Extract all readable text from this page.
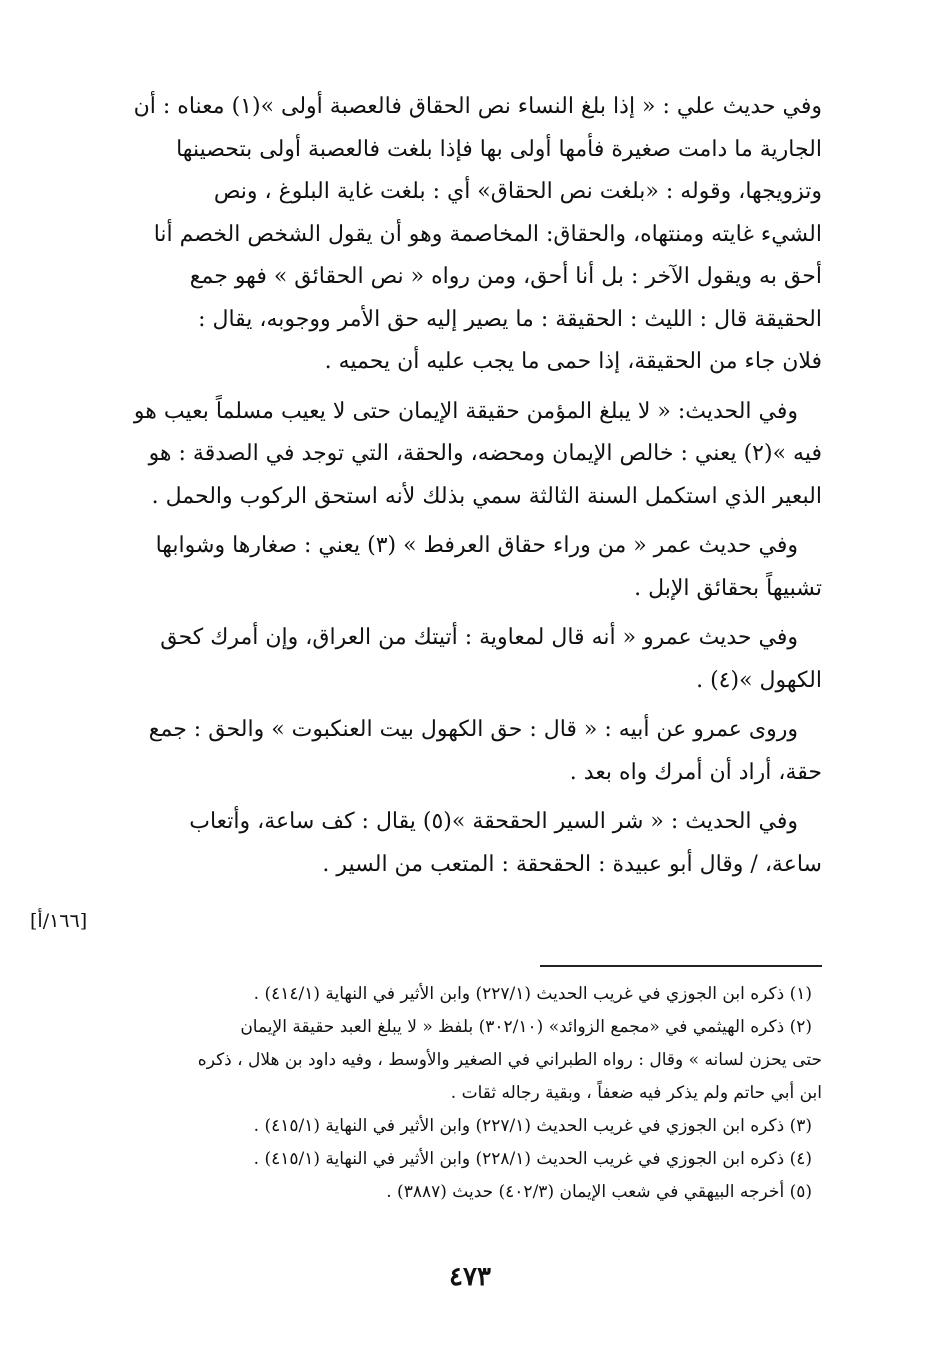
وفي حديث علي : « إذا بلغ النساء نص الحقاق فالعصبة أولى »(١) معناه : أن
الجارية ما دامت صغيرة فأمها أولى بها فإذا بلغت فالعصبة أولى بتحصينها
وتزويجها، وقوله : «بلغت نص الحقاق» أي : بلغت غاية البلوغ ، ونص
الشيء غايته ومنتهاه، والحقاق: المخاصمة وهو أن يقول الشخص الخصم أنا
أحق به ويقول الآخر : بل أنا أحق، ومن رواه « نص الحقائق » فهو جمع
الحقيقة قال : الليث : الحقيقة : ما يصير إليه حق الأمر ووجوبه، يقال :
فلان جاء من الحقيقة، إذا حمى ما يجب عليه أن يحميه .

وفي الحديث: « لا يبلغ المؤمن حقيقة الإيمان حتى لا يعيب مسلماً بعيب هو
فيه »(٢) يعني : خالص الإيمان ومحضه، والحقة، التي توجد في الصدقة : هو
البعير الذي استكمل السنة الثالثة سمي بذلك لأنه استحق الركوب والحمل .

وفي حديث عمر « من وراء حقاق العرفط » (٣) يعني : صغارها وشوابها
تشبيهاً بحقائق الإبل .

وفي حديث عمرو « أنه قال لمعاوية : أتيتك من العراق، وإن أمرك كحق
الكهول »(٤) .

وروى عمرو عن أبيه : « قال : حق الكهول بيت العنكبوت » والحق : جمع
حقة، أراد أن أمرك واه بعد .

وفي الحديث : « شر السير الحقحقة »(٥) يقال : كف ساعة، وأتعاب
ساعة، / وقال أبو عبيدة : الحقحقة : المتعب من السير .

[١٦٦/أ]

(١) ذكره ابن الجوزي في غريب الحديث (٢٢٧/١) وابن الأثير في النهاية (٤١٤/١) .

(٢) ذكره الهيثمي في «مجمع الزوائد» (٣٠٢/١٠) بلفظ « لا يبلغ العبد حقيقة الإيمان
حتى يحزن لسانه » وقال : رواه الطبراني في الصغير والأوسط ، وفيه داود بن هلال ، ذكره
ابن أبي حاتم ولم يذكر فيه ضعفاً ، وبقية رجاله ثقات .

(٣) ذكره ابن الجوزي في غريب الحديث (٢٢٧/١) وابن الأثير في النهاية (٤١٥/١) .

(٤) ذكره ابن الجوزي في غريب الحديث (٢٢٨/١) وابن الأثير في النهاية (٤١٥/١) .

(٥) أخرجه البيهقي في شعب الإيمان (٤٠٢/٣) حديث (٣٨٨٧) .

٤٧٣
